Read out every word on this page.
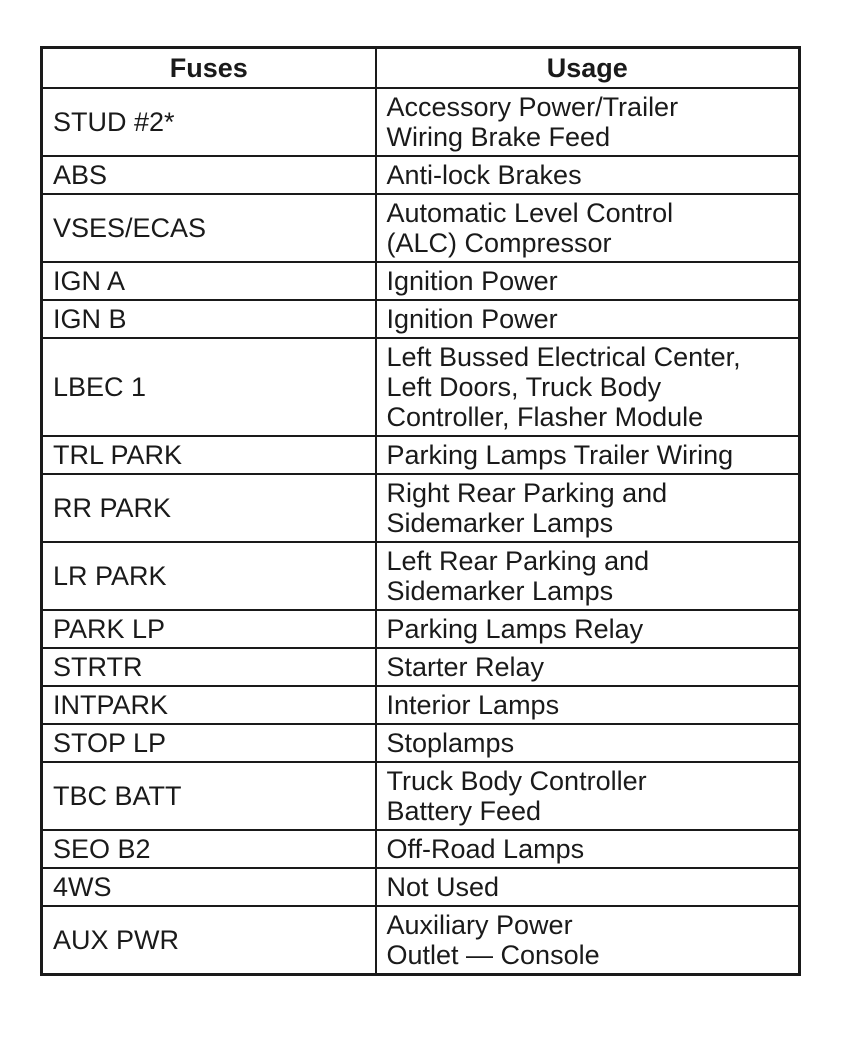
Fuses	Usage
STUD #2*	Accessory Power/Trailer
Wiring Brake Feed

ABS	Anti-lock Brakes

VSES/ECAS	Automatic Level Control
(ALC) Compressor

IGN A	Ignition Power

IGN B	Ignition Power

LBEC 1	Left Bussed Electrical Center,
Left Doors, Truck Body
Controller, Flasher Module

TRL PARK	Parking Lamps Trailer Wiring

RR PARK	Right Rear Parking and
Sidemarker Lamps

LR PARK	Left Rear Parking and
Sidemarker Lamps

PARK LP	Parking Lamps Relay

STRTR	Starter Relay

INTPARK	Interior Lamps

STOP LP	Stoplamps

TBC BATT	Truck Body Controller
Battery Feed

SEO B2	Off-Road Lamps

4WS	Not Used

AUX PWR	Auxiliary Power
Outlet — Console
